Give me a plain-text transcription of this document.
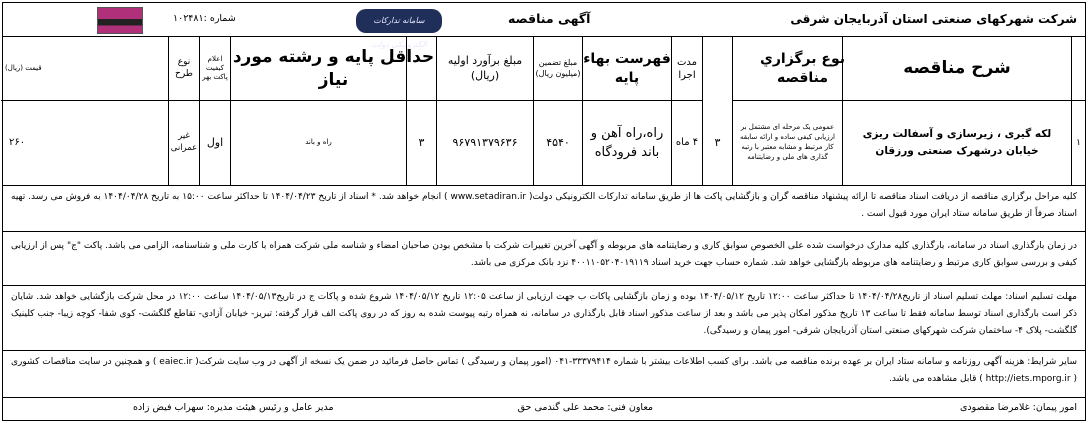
شرکت شهرکهای صنعتی استان آذربایجان شرقی
آگهی مناقصه
سامانه تدارکات الکترونیکی دولت
شماره :۱۰۲۴۸۱
۱
شرح مناقصه
لکه گیری ، زیرسازی و آسفالت ریزی خیابان درشهرک صنعتی ورزقان
نوع برگزاري مناقصه
عمومی یک مرحله ای مشتمل بر ارزیابی کیفی ساده و ارائه سابقه کار مرتبط و مشابه معتبر با رتبه گذاری های ملی و رضایتنامه
۳
مدت اجرا
۴ ماه
فهرست بهاء پايه
راه،راه آهن و باند فرودگاه
مبلغ تضمین (میلیون ریال)
۴۵۴۰
مبلغ برآورد اولیه (ریال)
۹۶۷۹۱۳۷۹۶۳۶
۳
حداقل پايه و رشته مورد نياز
راه و باند
اعلام کیفیت پاکت بهر
اول
نوع طرح
غیر عمرانی
قیمت (ریال)
۲۶۰
کلیه مراحل برگزاری مناقصه از دریافت اسناد مناقصه تا ارائه پیشنهاد مناقصه گران و بازگشایی پاکت ها از طریق سامانه تدارکات الکترونیکی دولت( www.setadiran.ir ) انجام خواهد شد. * اسناد از تاریخ ۱۴۰۴/۰۴/۲۳ تا حداکثر ساعت ۱۵:۰۰ به تاریخ ۱۴۰۴/۰۴/۲۸ به فروش می رسد. تهیه اسناد صرفاً از طریق سامانه ستاد ایران مورد قبول است .
در زمان بارگذاری اسناد در سامانه، بارگذاری کلیه مدارک درخواست شده علی الخصوص سوابق کاری و رضایتنامه های مربوطه و آگهی آخرین تغییرات شرکت با مشخص بودن صاحبان امضاء و شناسه ملی شرکت همراه با کارت ملی و شناسنامه، الزامی می باشد. پاکت "ج" پس از ارزیابی کیفی و بررسی سوابق کاری مرتبط و رضایتنامه های مربوطه بازگشایی خواهد شد. شماره حساب جهت خرید اسناد ۴۰۰۱۱۰۵۲۰۴۰۱۹۱۱۹ نزد بانک مرکزی می باشد.
مهلت تسلیم اسناد: مهلت تسلیم اسناد از تاریخ۱۴۰۴/۰۴/۲۸ تا حداکثر ساعت ۱۲:۰۰ تاریخ ۱۴۰۴/۰۵/۱۲ بوده و زمان بازگشایی پاکات ب جهت ارزیابی از ساعت ۱۲:۰۵ تاریخ ۱۴۰۴/۰۵/۱۲ شروع شده و پاکات ج در تاریخ۱۴۰۴/۰۵/۱۳ ساعت ۱۲:۰۰ در محل شرکت بازگشایی خواهد شد. شایان ذکر است بارگذاری اسناد توسط سامانه فقط تا ساعت ۱۳ تاریخ مذکور امکان پذیر می باشد و بعد از ساعت مذکور اسناد قابل بارگذاری در سامانه، نه همراه رتبه پیوست شده به روز که در روی پاکت الف قرار گرفته: تبریز- خیابان آزادی- تقاطع گلگشت- کوی شفا- کوچه زیبا- جنب کلینیک گلگشت- پلاک ۴- ساختمان شرکت شهرکهای صنعتی استان آذربایجان شرقی- امور پیمان و رسیدگی).
سایر شرایط: هزینه آگهی روزنامه و سامانه ستاد ایران بر عهده برنده مناقصه می باشد. برای کسب اطلاعات بیشتر با شماره ۳۳۳۷۹۴۱۴-۰۴۱ (امور پیمان و رسیدگی ) تماس حاصل فرمائید در ضمن یک نسخه از آگهی در وب سایت شرکت( eaiec.ir ) و همچنین در سایت مناقصات کشوری ( http://iets.mporg.ir ) قابل مشاهده می باشد.
امور پیمان: غلامرضا مقصودی
معاون فنی: محمد علی گندمی حق
مدیر عامل و رئیس هیئت مدیره: سهراب فیض زاده
